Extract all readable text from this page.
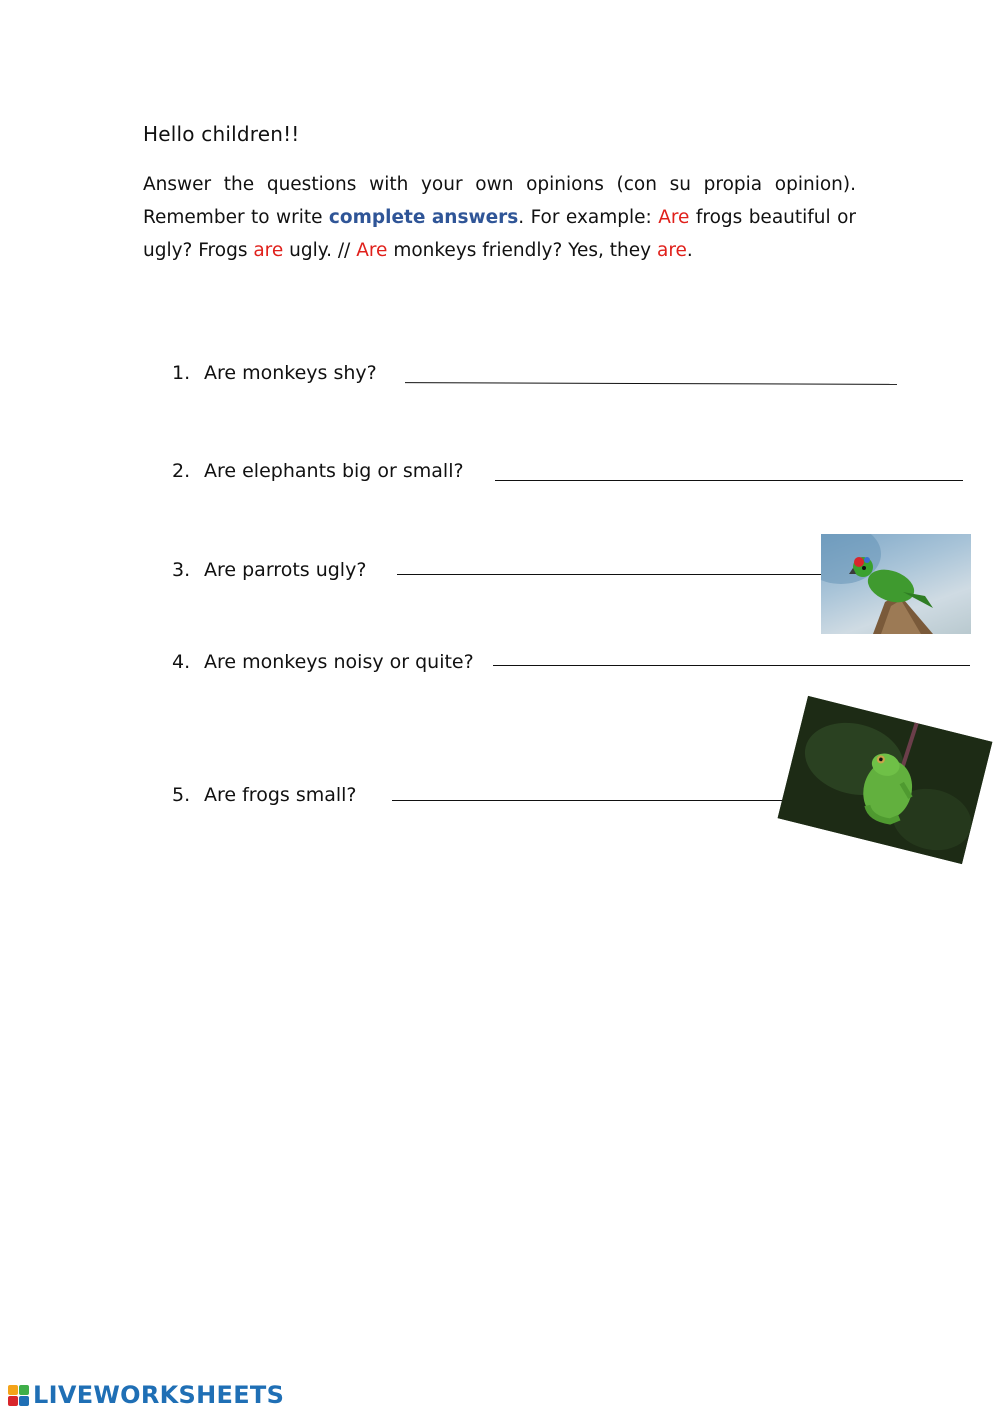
Hello children!!
Answer the questions with your own opinions (con su propia opinion). Remember to write complete answers. For example: Are frogs beautiful or ugly? Frogs are ugly. // Are monkeys friendly? Yes, they are.
1. Are monkeys shy?
2. Are elephants big or small?
3. Are parrots ugly?
4. Are monkeys noisy or quite?
5. Are frogs small?
LIVEWORKSHEETS
